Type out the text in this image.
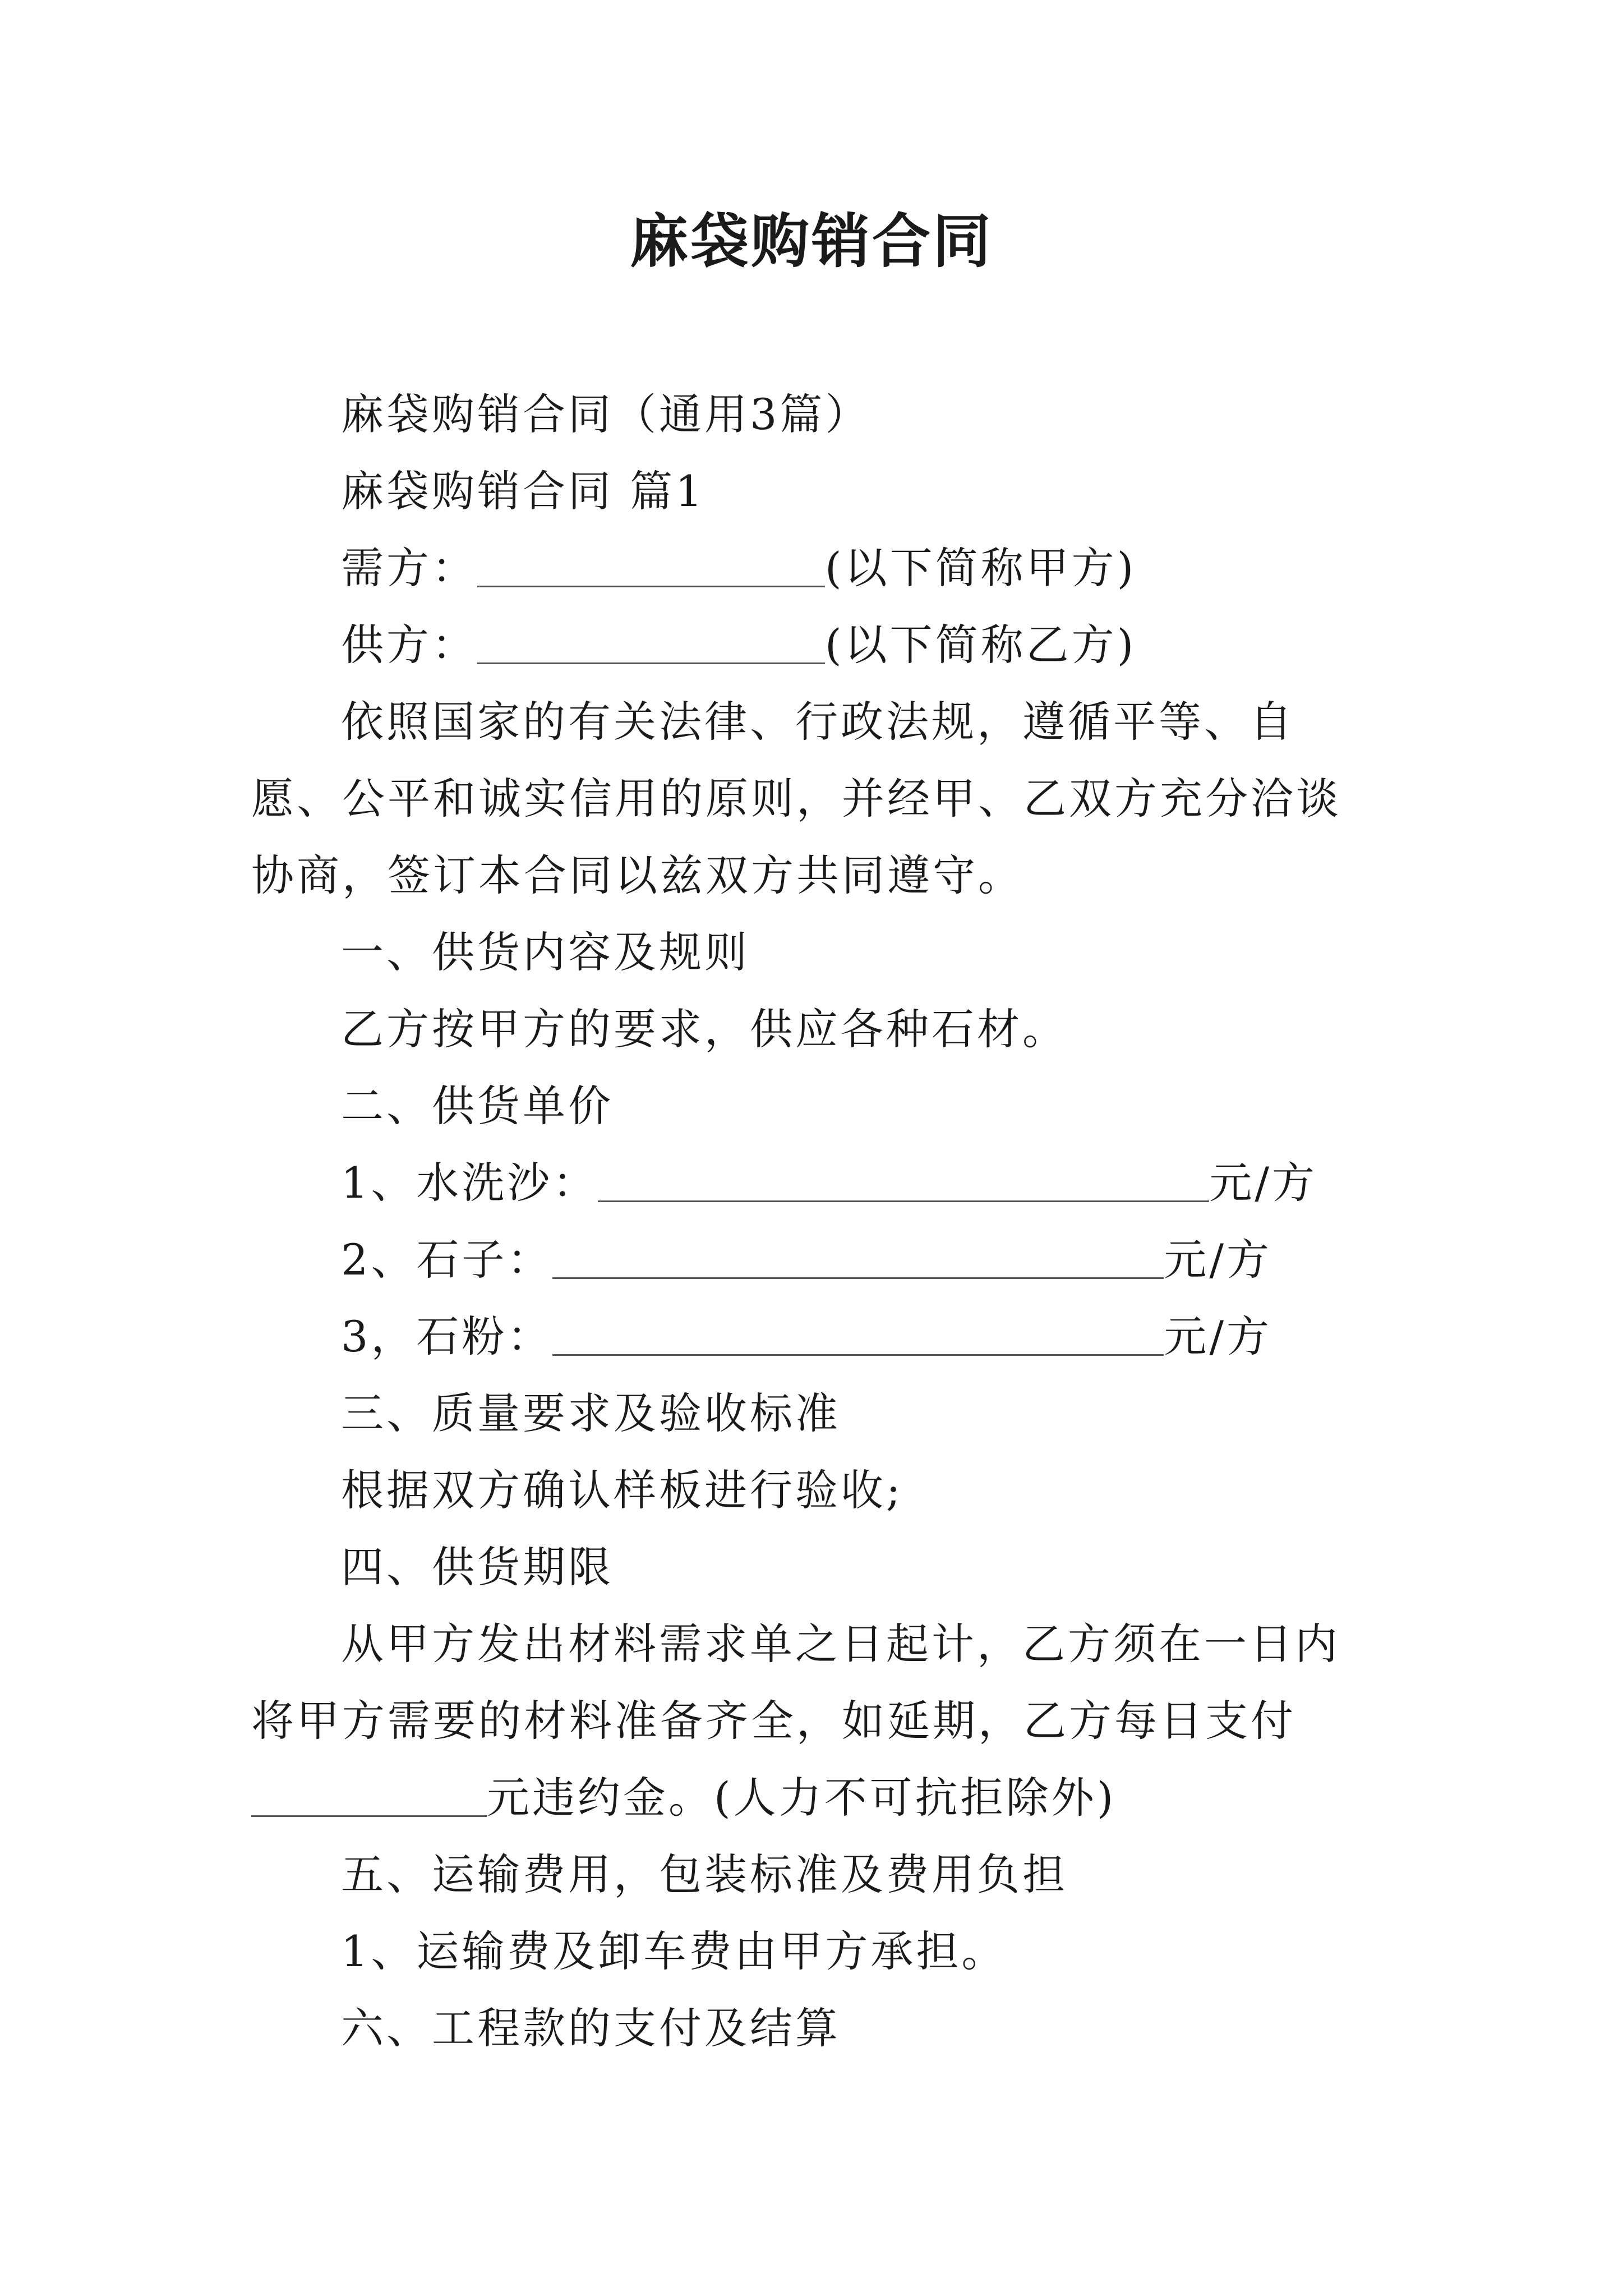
麻袋购销合同

麻袋购销合同（通用3篇）

麻袋购销合同 篇1

需方：	(以下简称甲方)

供方：	(以下简称乙方)

依照国家的有关法律、行政法规，遵循平等、自愿、公平和诚实信用的原则，并经甲、乙双方充分洽谈协商，签订本合同以兹双方共同遵守。

一、供货内容及规则

乙方按甲方的要求，供应各种石材。

二、供货单价

1、水洗沙：	元/方

2、石子：	元/方

3，石粉：	元/方

三、质量要求及验收标准

根据双方确认样板进行验收;

四、供货期限

从甲方发出材料需求单之日起计，乙方须在一日内将甲方需要的材料准备齐全，如延期，乙方每日支付元违约金。(人力不可抗拒除外)

五、运输费用，包装标准及费用负担

1、运输费及卸车费由甲方承担。

六、工程款的支付及结算
